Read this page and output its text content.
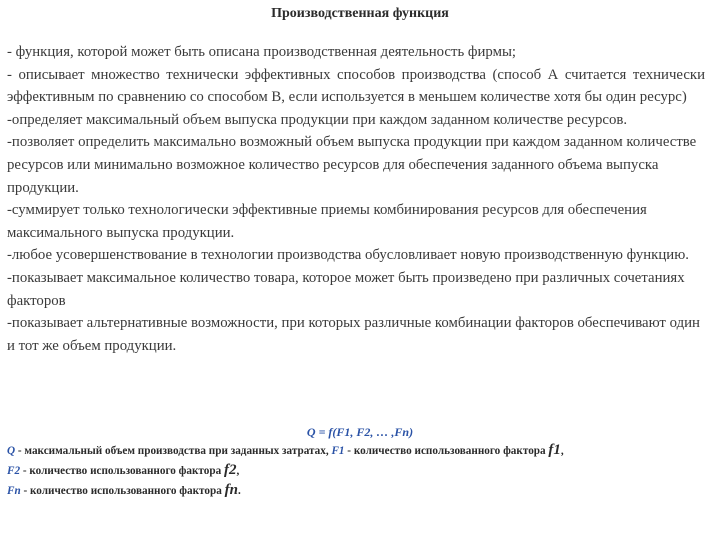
Производственная функция

- функция, которой может быть описана производственная деятельность фирмы;

- описывает множество технически эффективных способов производства (способ А считается технически эффективным по сравнению со способом В, если используется в меньшем количестве хотя бы один ресурс)

-определяет максимальный объем выпуска продукции при каждом заданном количестве ресурсов.

-позволяет определить максимально возможный объем выпуска продукции при каждом заданном количестве ресурсов или минимально возможное количество ресурсов для обеспечения заданного объема выпуска продукции.

-суммирует только технологически эффективные приемы комбинирования ресурсов для обеспечения максимального выпуска продукции.

-любое усовершенствование в технологии производства обусловливает новую производственную функцию.

-показывает максимальное количество товара, которое может быть произведено при различных сочетаниях факторов

-показывает альтернативные возможности, при которых различные комбинации факторов обеспечивают один и тот же объем продукции.

Q = f(F1, F2, … ,Fn)
Q - максимальный объем производства при заданных затратах, F1 - количество использованного фактора f1,
F2 - количество использованного фактора f2,
Fn - количество использованного фактора fn.
